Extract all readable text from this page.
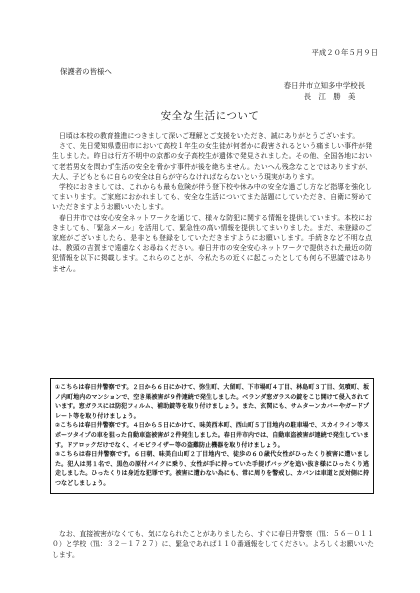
平成２０年５月９日
保護者の皆様へ
春日井市立知多中学校長
長　江　勝　美
安全な生活について

日頃は本校の教育推進につきまして深いご理解とご支援をいただき、誠にありがとうございます。

さて、先日愛知県豊田市において高校１年生の女生徒が何者かに殺害されるという痛ましい事件が発生しました。昨日は行方不明中の京都の女子高校生が遺体で発見されました。その他、全国各地において老若男女を問わず生活の安全を脅かす事件が後を絶ちません。たいへん残念なことではありますが、大人、子どもともに自らの安全は自らが守らなければならないという現実があります。

学校におきましては、これからも最も危険が伴う登下校や休み中の安全な過ごし方など指導を強化してまいります。ご家庭におかれましても、安全な生活についてまた話題にしていただき、自衛に努めていただきますようお願いいたします。

春日井市では安心安全ネットワークを通じて、様々な防犯に関する情報を提供しています。本校におきましても、「緊急メール」を活用して、緊急性の高い情報を提供してまいりました。まだ、未登録のご家庭がございましたら、是非とも登録をしていただきますようにお願いします。手続きなど不明な点は、教頭の吉賀まで遠慮なくお尋ねください。春日井市の安全安心ネットワークで提供された最近の防犯情報を以下に掲載します。これらのことが、今私たちの近くに起こったとしても何ら不思議ではありません。

①こちらは春日井警察です。２日から６日にかけて、弥生町、大留町、下市場町４丁目、林島町３丁目、気噴町、坂ノ内町地内のマンションで、空き巣被害が９件連続で発生しました。ベランダ窓ガラスの錠をこじ開けて侵入されています。窓ガラスには防犯フィルム、補助錠等を取り付けましょう。また、玄関にも、サムターンカバーやガードプレート等を取り付けましょう。

②こちらは春日井警察です。４日から５日にかけて、味美西本町、西山町５丁目地内の駐車場で、スカイライン等スポーツタイプの車を狙った自動車盗被害が２件発生しました。春日井市内では、自動車盗被害が連続で発生しています。ドアロックだけでなく、イモビライザー等の盗難防止機器を取り付けましょう。

③こちらは春日井警察です。６日朝、味美白山町２丁目地内で、徒歩の６０歳代女性がひったくり被害に遭いました。犯人は男１名で、黒色の原付バイクに乗り、女性が手に持っていた手提げバッグを追い抜き様にひったくり逃走しました。ひったくりは身近な犯罪です。被害に遭わない為にも、常に周りを警戒し、カバンは車道と反対側に持つなどしましょう。

なお、直接被害がなくても、気になられたことがありましたら、すぐに春日井警察（℡：５６－０１１０）と学校（℡：３２－１７２７）に、緊急であれば１１０番通報をしてください。よろしくお願いいたします。
